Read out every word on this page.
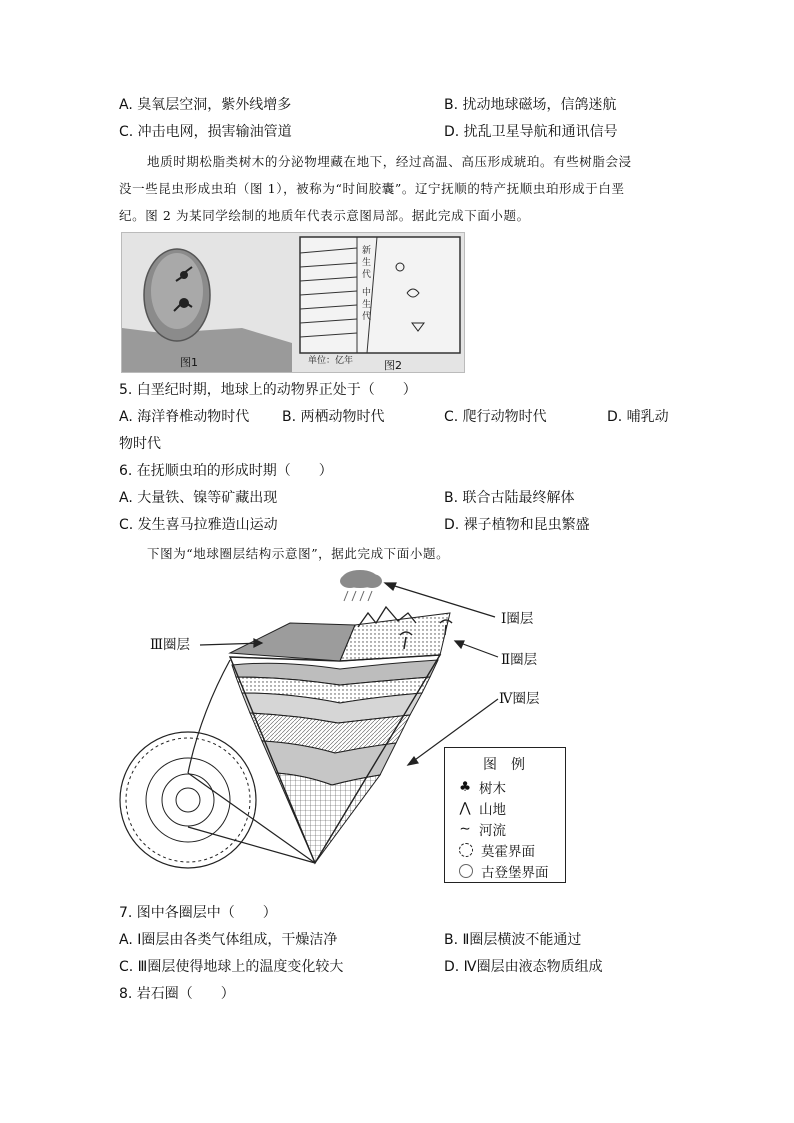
A. 臭氧层空洞，紫外线增多	B. 扰动地球磁场，信鸽迷航
C. 冲击电网，损害输油管道	D. 扰乱卫星导航和通讯信号
地质时期松脂类树木的分泌物埋藏在地下，经过高温、高压形成琥珀。有些树脂会浸
没一些昆虫形成虫珀（图 1），被称为“时间胶囊”。辽宁抚顺的特产抚顺虫珀形成于白垩
纪。图 2 为某同学绘制的地质年代表示意图局部。据此完成下面小题。
图1
新
生
代
中
生
代
单位：亿年	图2
5. 白垩纪时期，地球上的动物界正处于（　　）
A. 海洋脊椎动物时代 B. 两栖动物时代	C. 爬行动物时代	D. 哺乳动
物时代
6. 在抚顺虫珀的形成时期（　　）
A. 大量铁、镍等矿藏出现	B. 联合古陆最终解体
C. 发生喜马拉雅造山运动	D. 裸子植物和昆虫繁盛
下图为“地球圈层结构示意图”，据此完成下面小题。
Ⅰ圈层
Ⅲ圈层
Ⅱ圈层
Ⅳ圈层
图　例
♣ 树木
⋀ 山地
∼ 河流
莫霍界面
古登堡界面
7. 图中各圈层中（　　）
A. Ⅰ圈层由各类气体组成，干燥洁净	B. Ⅱ圈层横波不能通过
C. Ⅲ圈层使得地球上的温度变化较大	D. Ⅳ圈层由液态物质组成
8. 岩石圈（　　）
